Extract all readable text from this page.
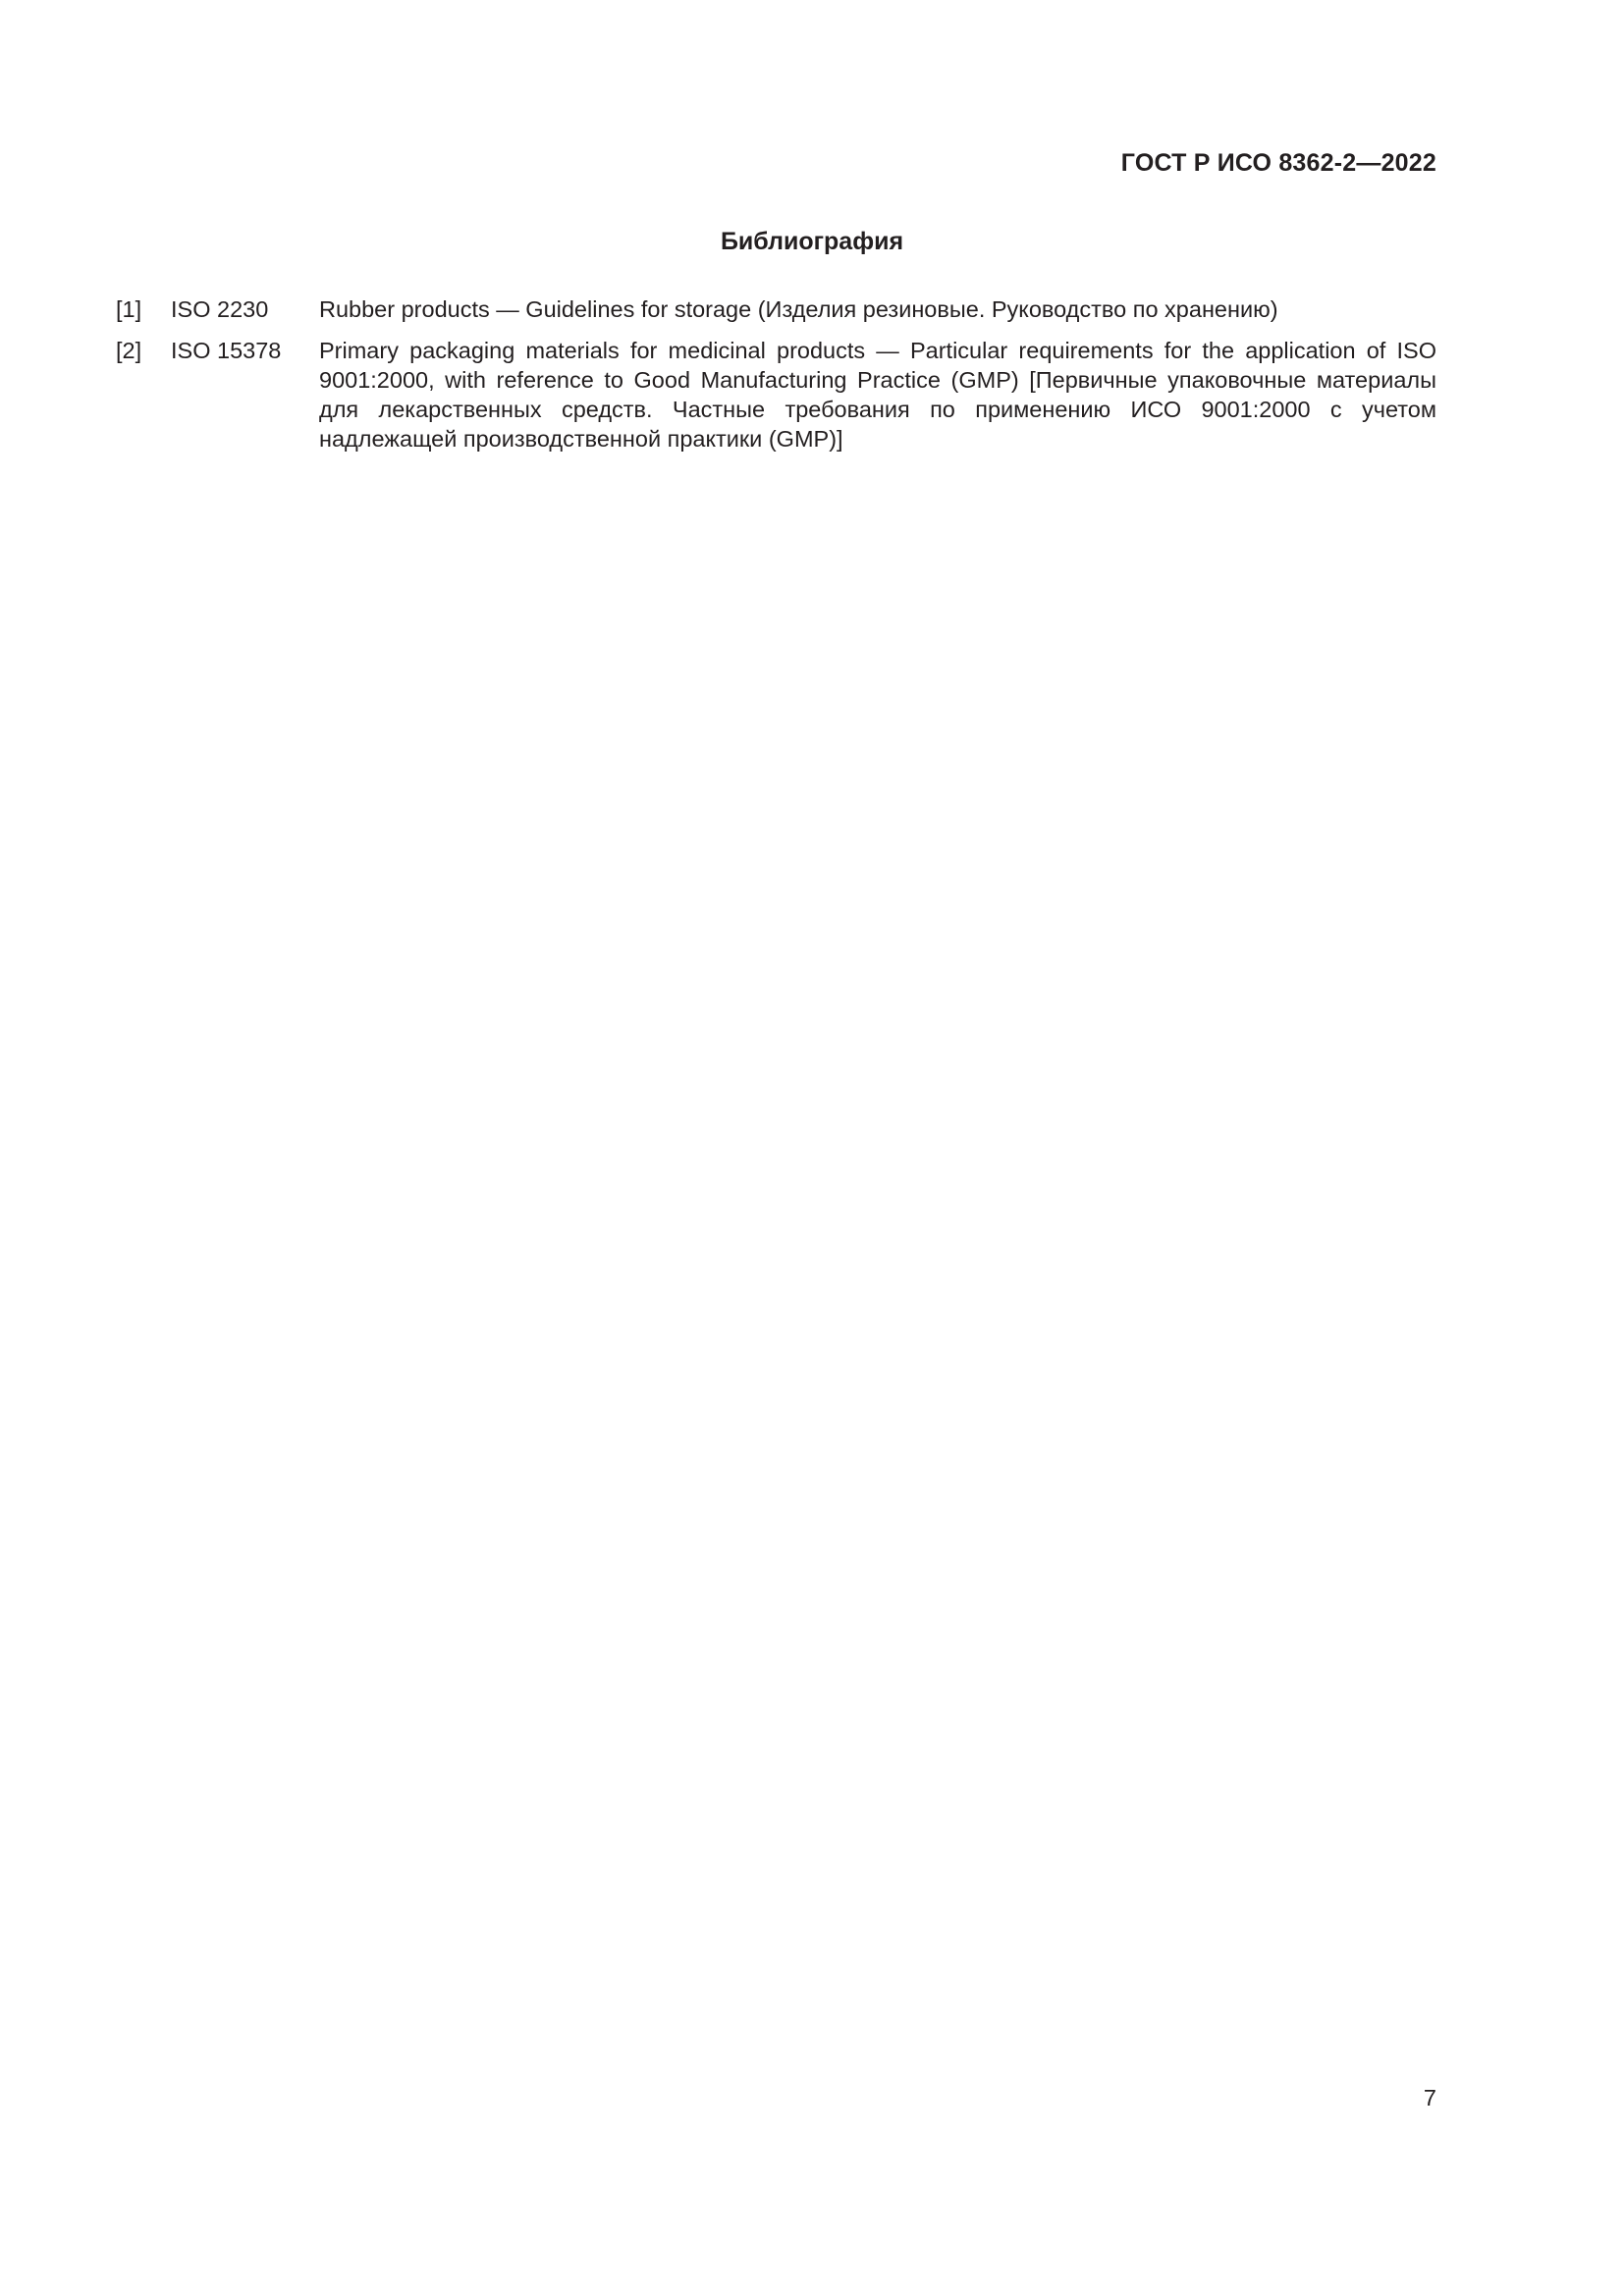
ГОСТ Р ИСО 8362-2—2022
Библиография
[1] ISO 2230 Rubber products — Guidelines for storage (Изделия резиновые. Руководство по хранению)
[2] ISO 15378 Primary packaging materials for medicinal products — Particular requirements for the application of ISO 9001:2000, with reference to Good Manufacturing Practice (GMP) [Первичные упаковочные материалы для лекарственных средств. Частные требования по применению ИСО 9001:2000 с учетом надлежащей производственной практики (GMP)]
7
